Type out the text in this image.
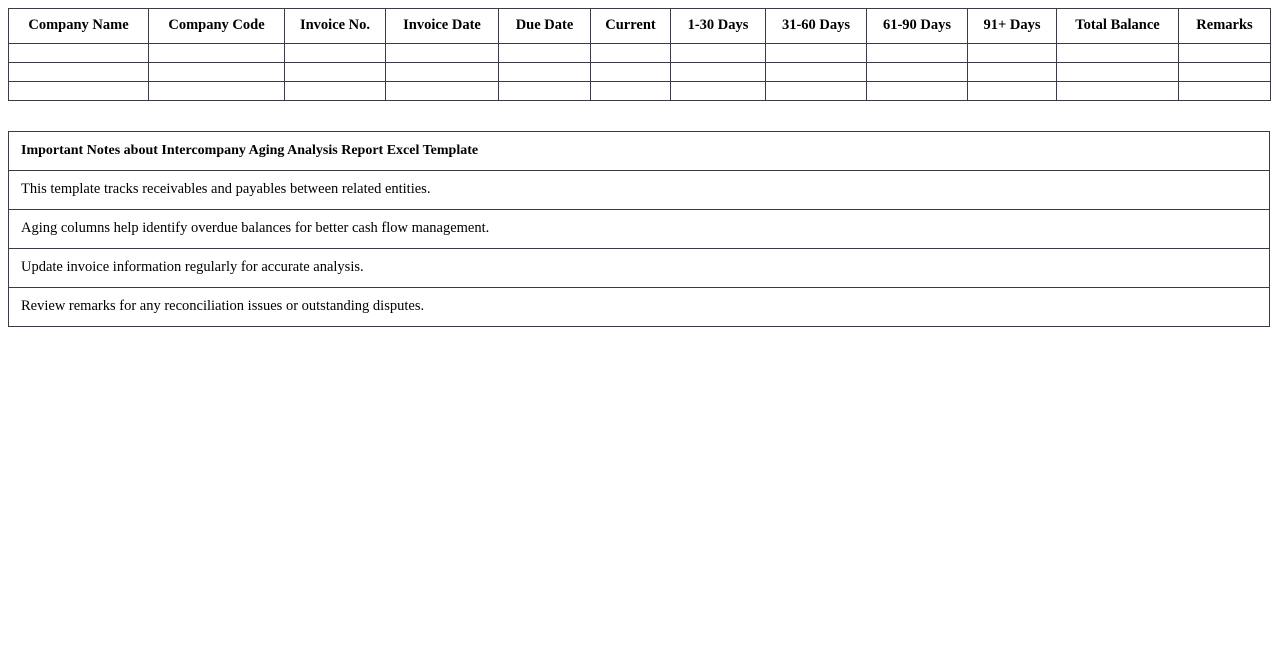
Company Name	Company Code	Invoice No.	Invoice Date	Due Date	Current	1-30 Days	31-60 Days	61-90 Days	91+ Days	Total Balance	Remarks

Important Notes about Intercompany Aging Analysis Report Excel Template
This template tracks receivables and payables between related entities.
Aging columns help identify overdue balances for better cash flow management.
Update invoice information regularly for accurate analysis.
Review remarks for any reconciliation issues or outstanding disputes.
